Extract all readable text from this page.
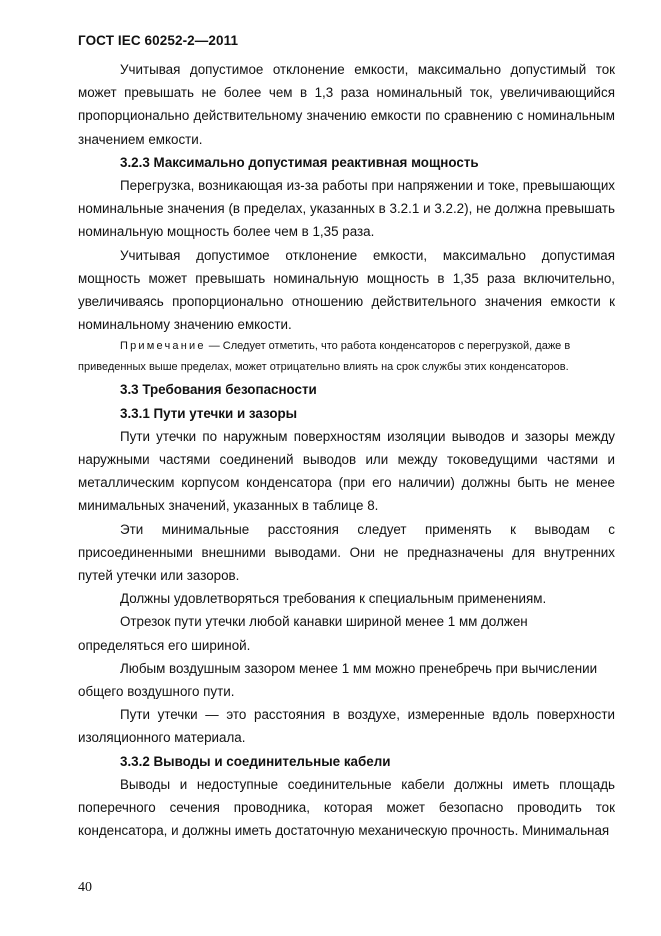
ГОСТ IEC 60252-2—2011

Учитывая допустимое отклонение емкости, максимально допустимый ток может превышать не более чем в 1,3 раза номинальный ток, увеличивающийся пропорционально действительному значению емкости по сравнению с номинальным значением емкости.

3.2.3 Максимально допустимая реактивная мощность

Перегрузка, возникающая из-за работы при напряжении и токе, превышающих номинальные значения (в пределах, указанных в 3.2.1 и 3.2.2), не должна превышать номинальную мощность более чем в 1,35 раза.

Учитывая допустимое отклонение емкости, максимально допустимая мощность может превышать номинальную мощность в 1,35 раза включительно, увеличиваясь пропорционально отношению действительного значения емкости к номинальному значению емкости.

Примечание — Следует отметить, что работа конденсаторов с перегрузкой, даже в приведенных выше пределах, может отрицательно влиять на срок службы этих конденсаторов.

3.3 Требования безопасности

3.3.1 Пути утечки и зазоры

Пути утечки по наружным поверхностям изоляции выводов и зазоры между наружными частями соединений выводов или между токоведущими частями и металлическим корпусом конденсатора (при его наличии) должны быть не менее минимальных значений, указанных в таблице 8.

Эти минимальные расстояния следует применять к выводам с присоединенными внешними выводами. Они не предназначены для внутренних путей утечки или зазоров.

Должны удовлетворяться требования к специальным применениям.

Отрезок пути утечки любой канавки шириной менее 1 мм должен определяться его шириной.

Любым воздушным зазором менее 1 мм можно пренебречь при вычислении общего воздушного пути.

Пути утечки — это расстояния в воздухе, измеренные вдоль поверхности изоляционного материала.

3.3.2 Выводы и соединительные кабели

Выводы и недоступные соединительные кабели должны иметь площадь поперечного сечения проводника, которая может безопасно проводить ток конденсатора, и должны иметь достаточную механическую прочность. Минимальная

40
